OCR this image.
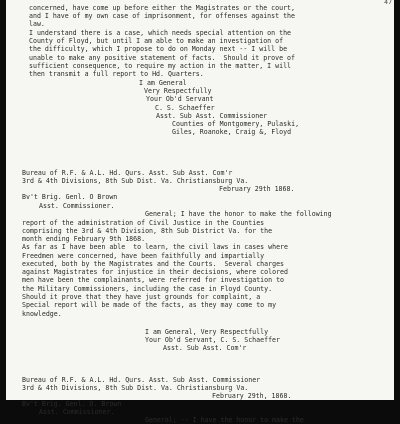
47
concerned, have come up before either the Magistrates or the court,
and I have of my own case of imprisonment, for offenses against the
law.
I understand there is a case, which needs special attention on the
County of Floyd, but until I am able to make an investigation of
the difficulty, which I propose to do on Monday next -- I will be
unable to make any positive statement of facts.  Should it prove of
sufficient consequence, to require my action in the matter, I will
then transmit a full report to Hd. Quarters.
I am General
Very Respectfully
Your Ob'd Servant
C. S. Schaeffer
Asst. Sub Asst. Commissioner
Counties of Montgomery, Pulaski,
Giles, Roanoke, Craig &, Floyd
Bureau of R.F. & A.L. Hd. Qurs. Asst. Sub Asst. Com'r
3rd & 4th Divisions, 8th Sub Dist. Va. Christiansburg Va.
February 29th 1868.
Bv't Brig. Genl. O Brown
Asst. Commissioner.
General; I have the honor to make the following
report of the administration of Civil Justice in the Counties
comprising the 3rd & 4th Division, 8th Sub District Va. for the
month ending February 9th 1868.
As far as I have been able  to learn, the civil laws in cases where
Freedmen were concerned, have been faithfully and impartially
executed, both by the Magistrates and the Courts.  Several charges
against Magistrates for injustice in their decisions, where colored
men have been the complainants, were referred for investigation to
the Military Commissioners, including the case in Floyd County.
Should it prove that they have just grounds for complaint, a
Special report will be made of the facts, as they may come to my
knowledge.
I am General, Very Respectfully
Your Ob'd Servant, C. S. Schaeffer
Asst. Sub Asst. Com'r
Bureau of R.F. & A.L. Hd. Qurs. Asst. Sub Asst. Commissioner
3rd & 4th Divisions, 8th Sub Dist. Va. Christiansburg Va.
February 29th, 1868.
Bv't Brig. Genl. O. Brown
Asst. Commissioner.
General; -- I have the honor to make the
